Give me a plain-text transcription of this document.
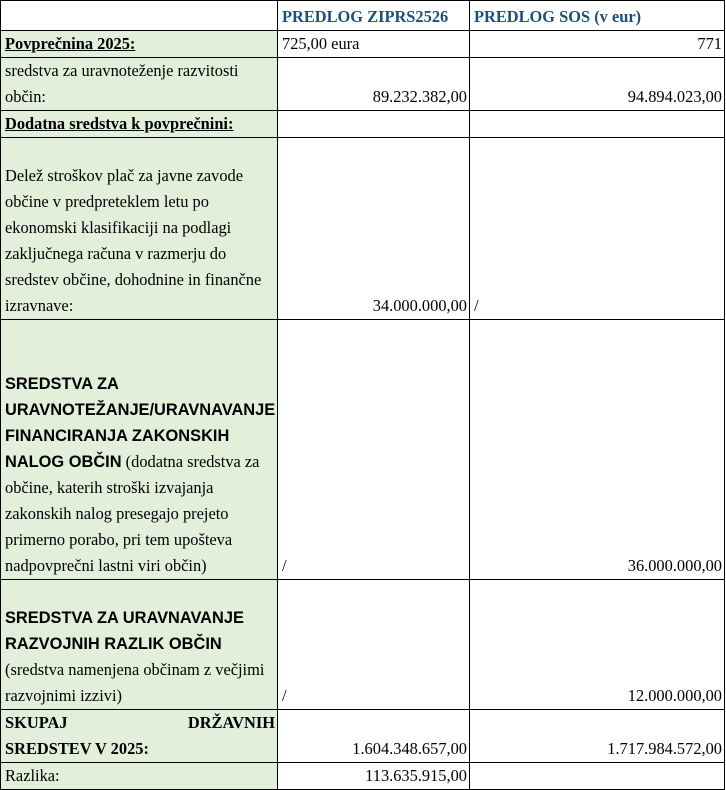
	PREDLOG ZIPRS2526	PREDLOG SOS (v eur)
Povprečnina 2025:	725,00 eura	771
sredstva za uravnoteženje razvitosti občin:	89.232.382,00	94.894.023,00
Dodatna sredstva k povprečnini:		
Delež stroškov plač za javne zavode občine v predpreteklem letu po ekonomski klasifikaciji na podlagi zaključnega računa v razmerju do sredstev občine, dohodnine in finančne izravnave:	34.000.000,00	/
SREDSTVA ZA URAVNOTEŽANJE/URAVNAVANJE FINANCIRANJA ZAKONSKIH NALOG OBČIN (dodatna sredstva za občine, katerih stroški izvajanja zakonskih nalog presegajo prejeto primerno porabo, pri tem upošteva nadpovprečni lastni viri občin)	/	36.000.000,00
SREDSTVA ZA URAVNAVANJE RAZVOJNIH RAZLIK OBČIN (sredstva namenjena občinam z večjimi razvojnimi izzivi)	/	12.000.000,00

SKUPAJ DRŽAVNIH
SREDSTEV V 2025:	1.604.348.657,00	1.717.984.572,00
Razlika:	113.635.915,00	
